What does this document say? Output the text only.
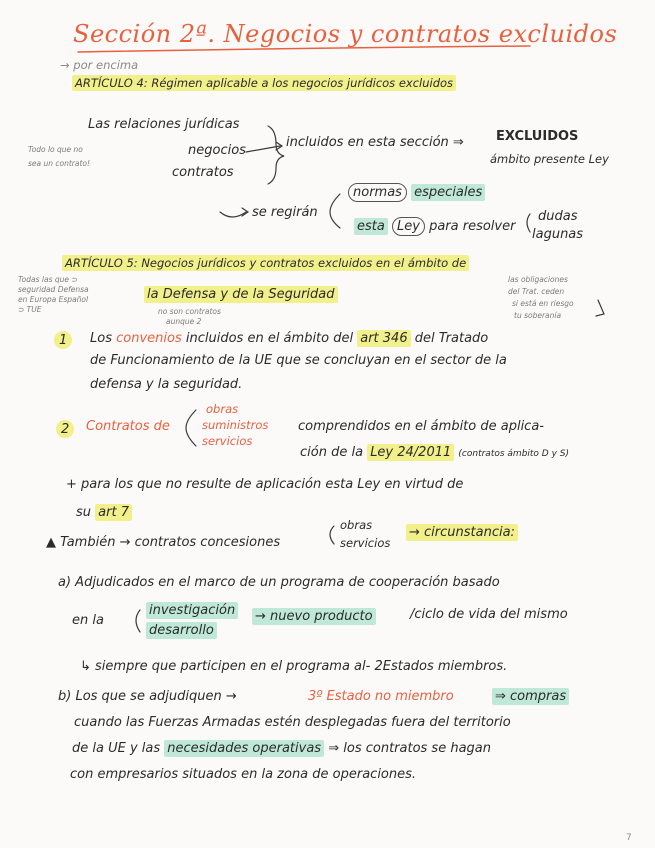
Sección 2ª. Negocios y contratos excluidos
→ por encima
ARTÍCULO 4: Régimen aplicable a los negocios jurídicos excluidos
Las relaciones jurídicas
Todo lo que no
sea un contrato!
negocios
contratos
incluidos en esta sección ⇒ EXCLUIDOS
ámbito presente Ley
se regirán
normas especiales
esta Ley para resolver
dudas
lagunas
ARTÍCULO 5: Negocios jurídicos y contratos excluidos en el ámbito de
Todas las que ⊃
seguridad Defensa
en Europa Español
⊃ TUE
la Defensa y de la Seguridad
las obligaciones
del Trat. ceden
si está en riesgo
tu soberanía
no son contratos
aunque 2
1 Los convenios incluidos en el ámbito del art 346 del Tratado
de Funcionamiento de la UE que se concluyan en el sector de la
defensa y la seguridad.
2 Contratos de
obras
suministros
servicios
comprendidos en el ámbito de aplica-
ción de la Ley 24/2011 (contratos ámbito D y S)
+ para los que no resulte de aplicación esta Ley en virtud de
su art 7
▲ También → contratos concesiones
obras
servicios
→ circunstancia:
a) Adjudicados en el marco de un programa de cooperación basado
en la
investigación
desarrollo
→ nuevo producto	/ciclo de vida del mismo
↳ siempre que participen en el programa al- 2Estados miembros.
b) Los que se adjudiquen →	3º Estado no miembro	⇒ compras
cuando las Fuerzas Armadas estén desplegadas fuera del territorio
de la UE y las necesidades operativas ⇒ los contratos se hagan
con empresarios situados en la zona de operaciones.
7
